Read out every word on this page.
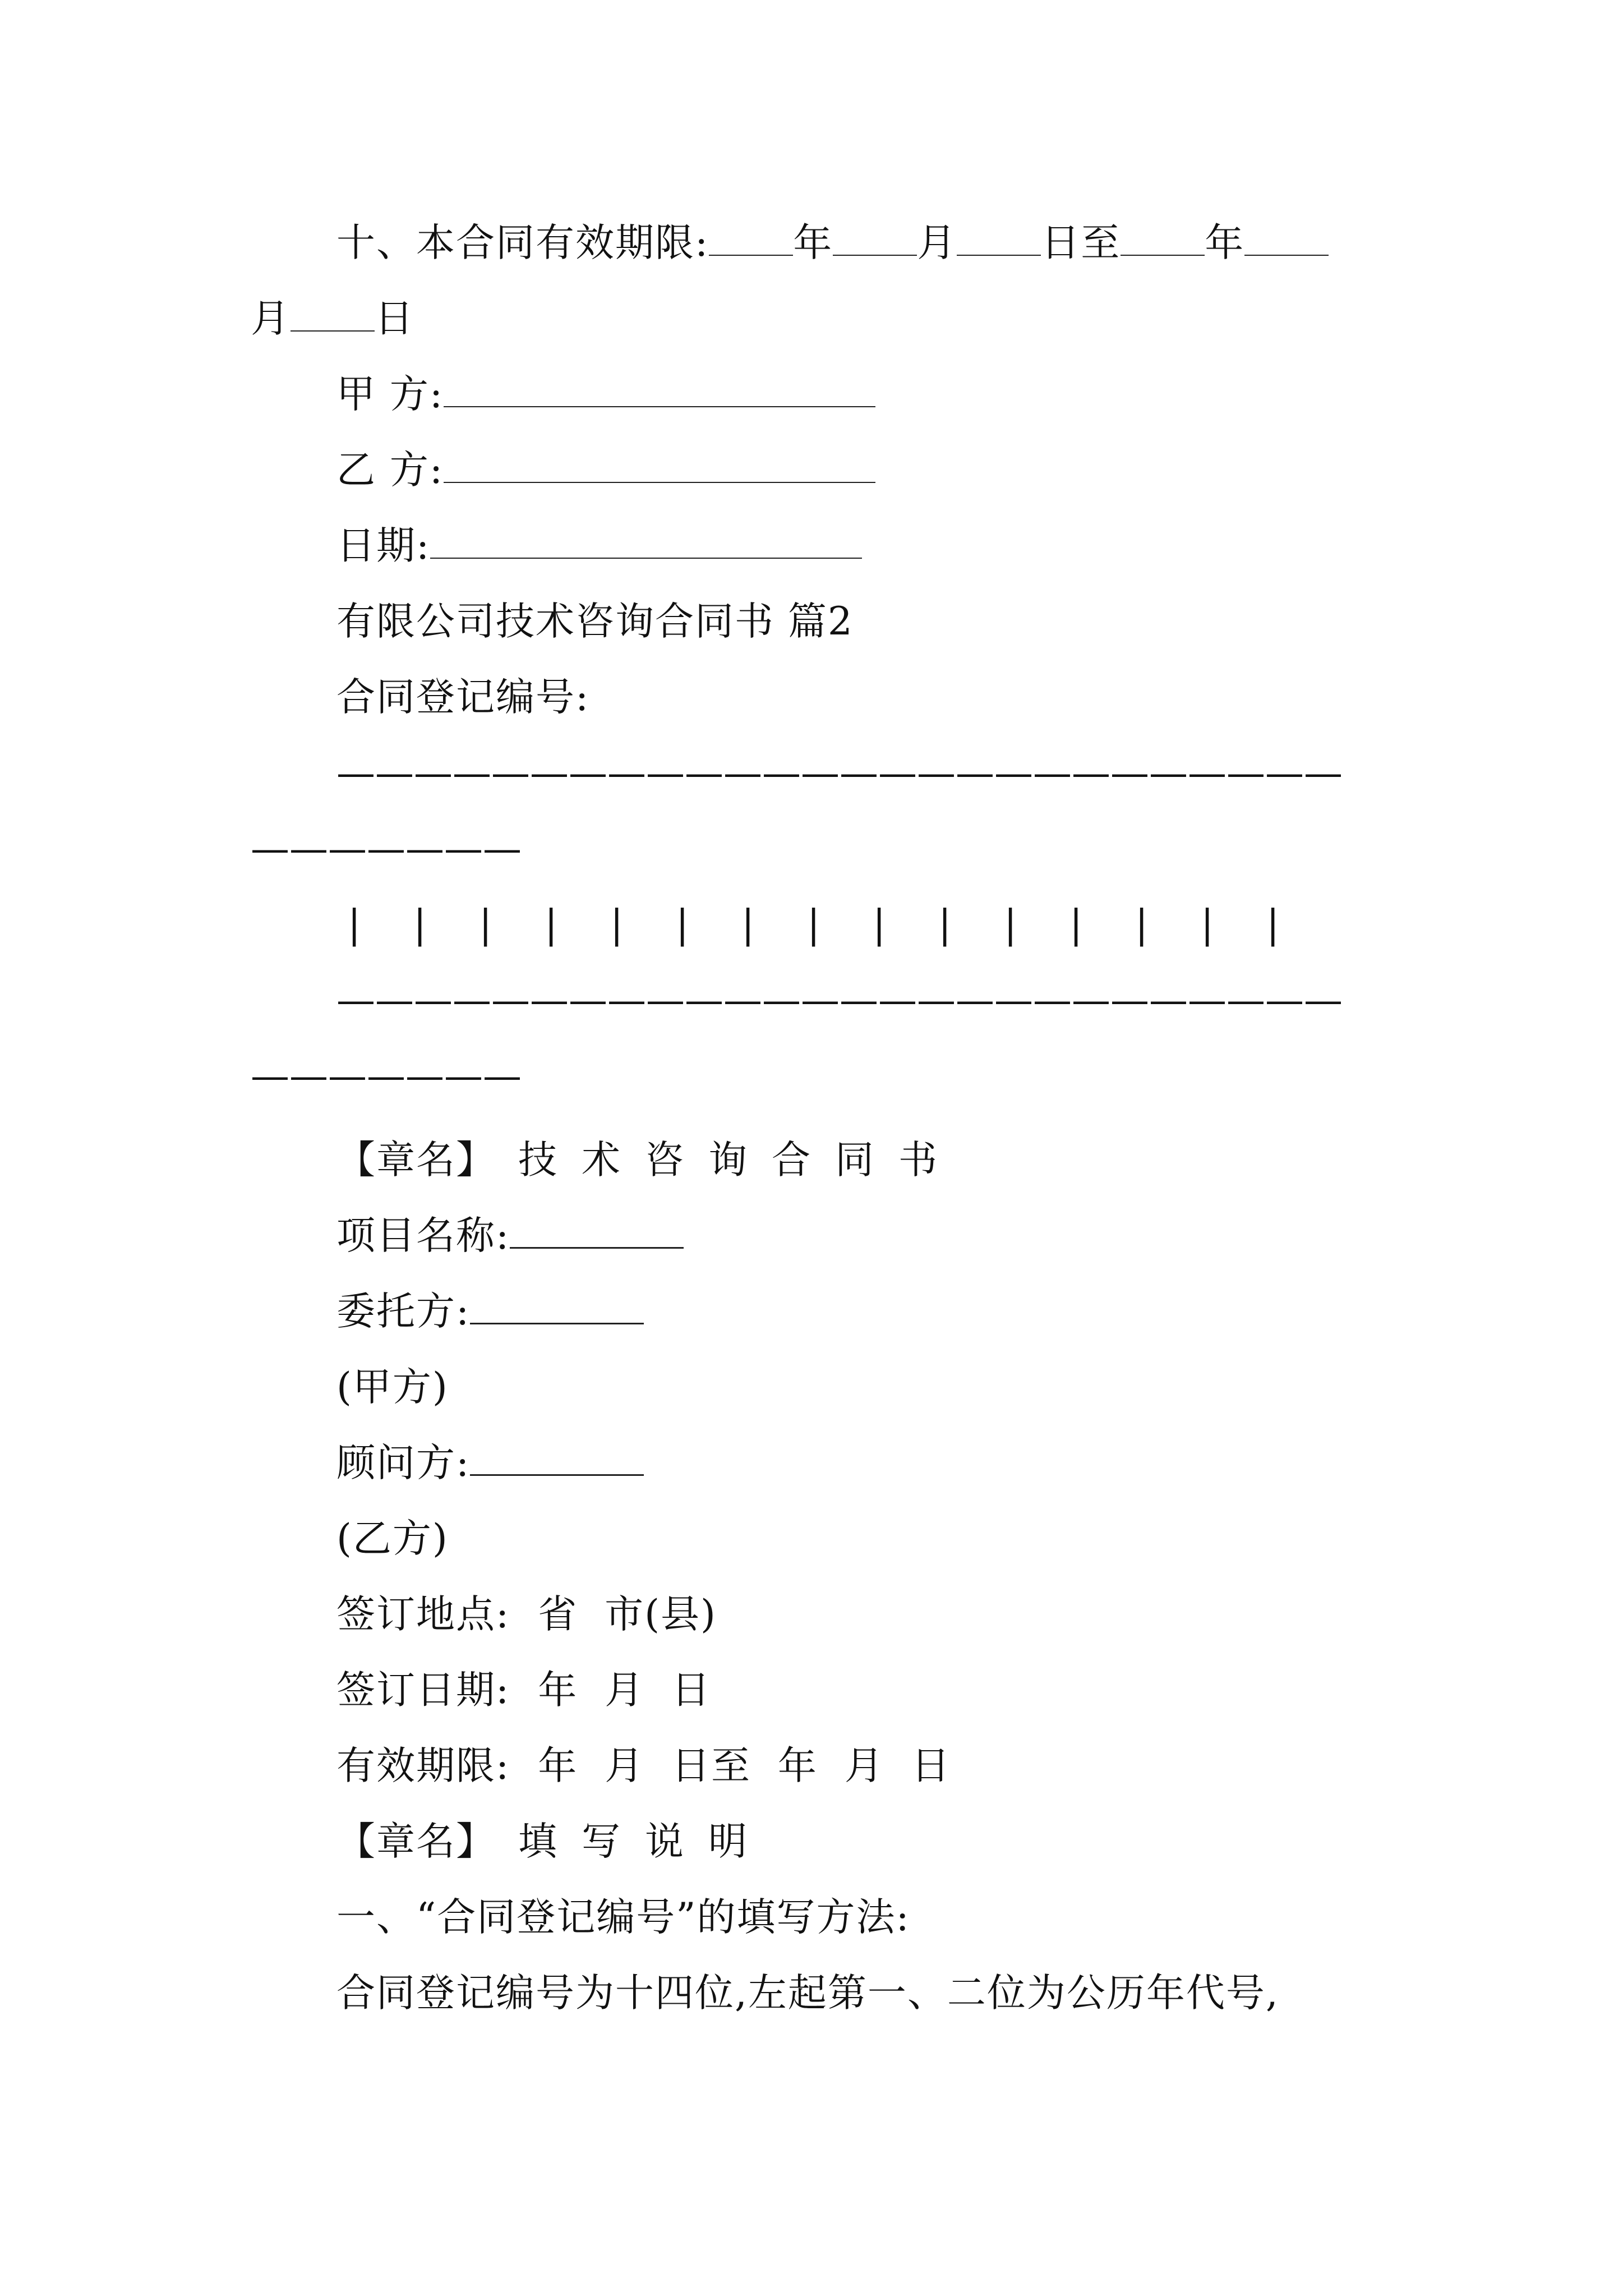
十、本合同有效期限: 年 月 日至 年
月 日
甲 方:
乙 方:
日期:
有限公司技术咨询合同书 篇2
合同登记编号:
——————————————————————————
———————
| | | | | | | | | | | | | | |
——————————————————————————
———————
【章名】 技术咨询合同书
项目名称:
委托方:
(甲方)
顾问方:
(乙方)
签订地点: 省  市(县)
签订日期: 年  月  日
有效期限: 年  月  日至  年  月  日
【章名】 填写说明
一、“合同登记编号”的填写方法:
合同登记编号为十四位,左起第一、二位为公历年代号,
